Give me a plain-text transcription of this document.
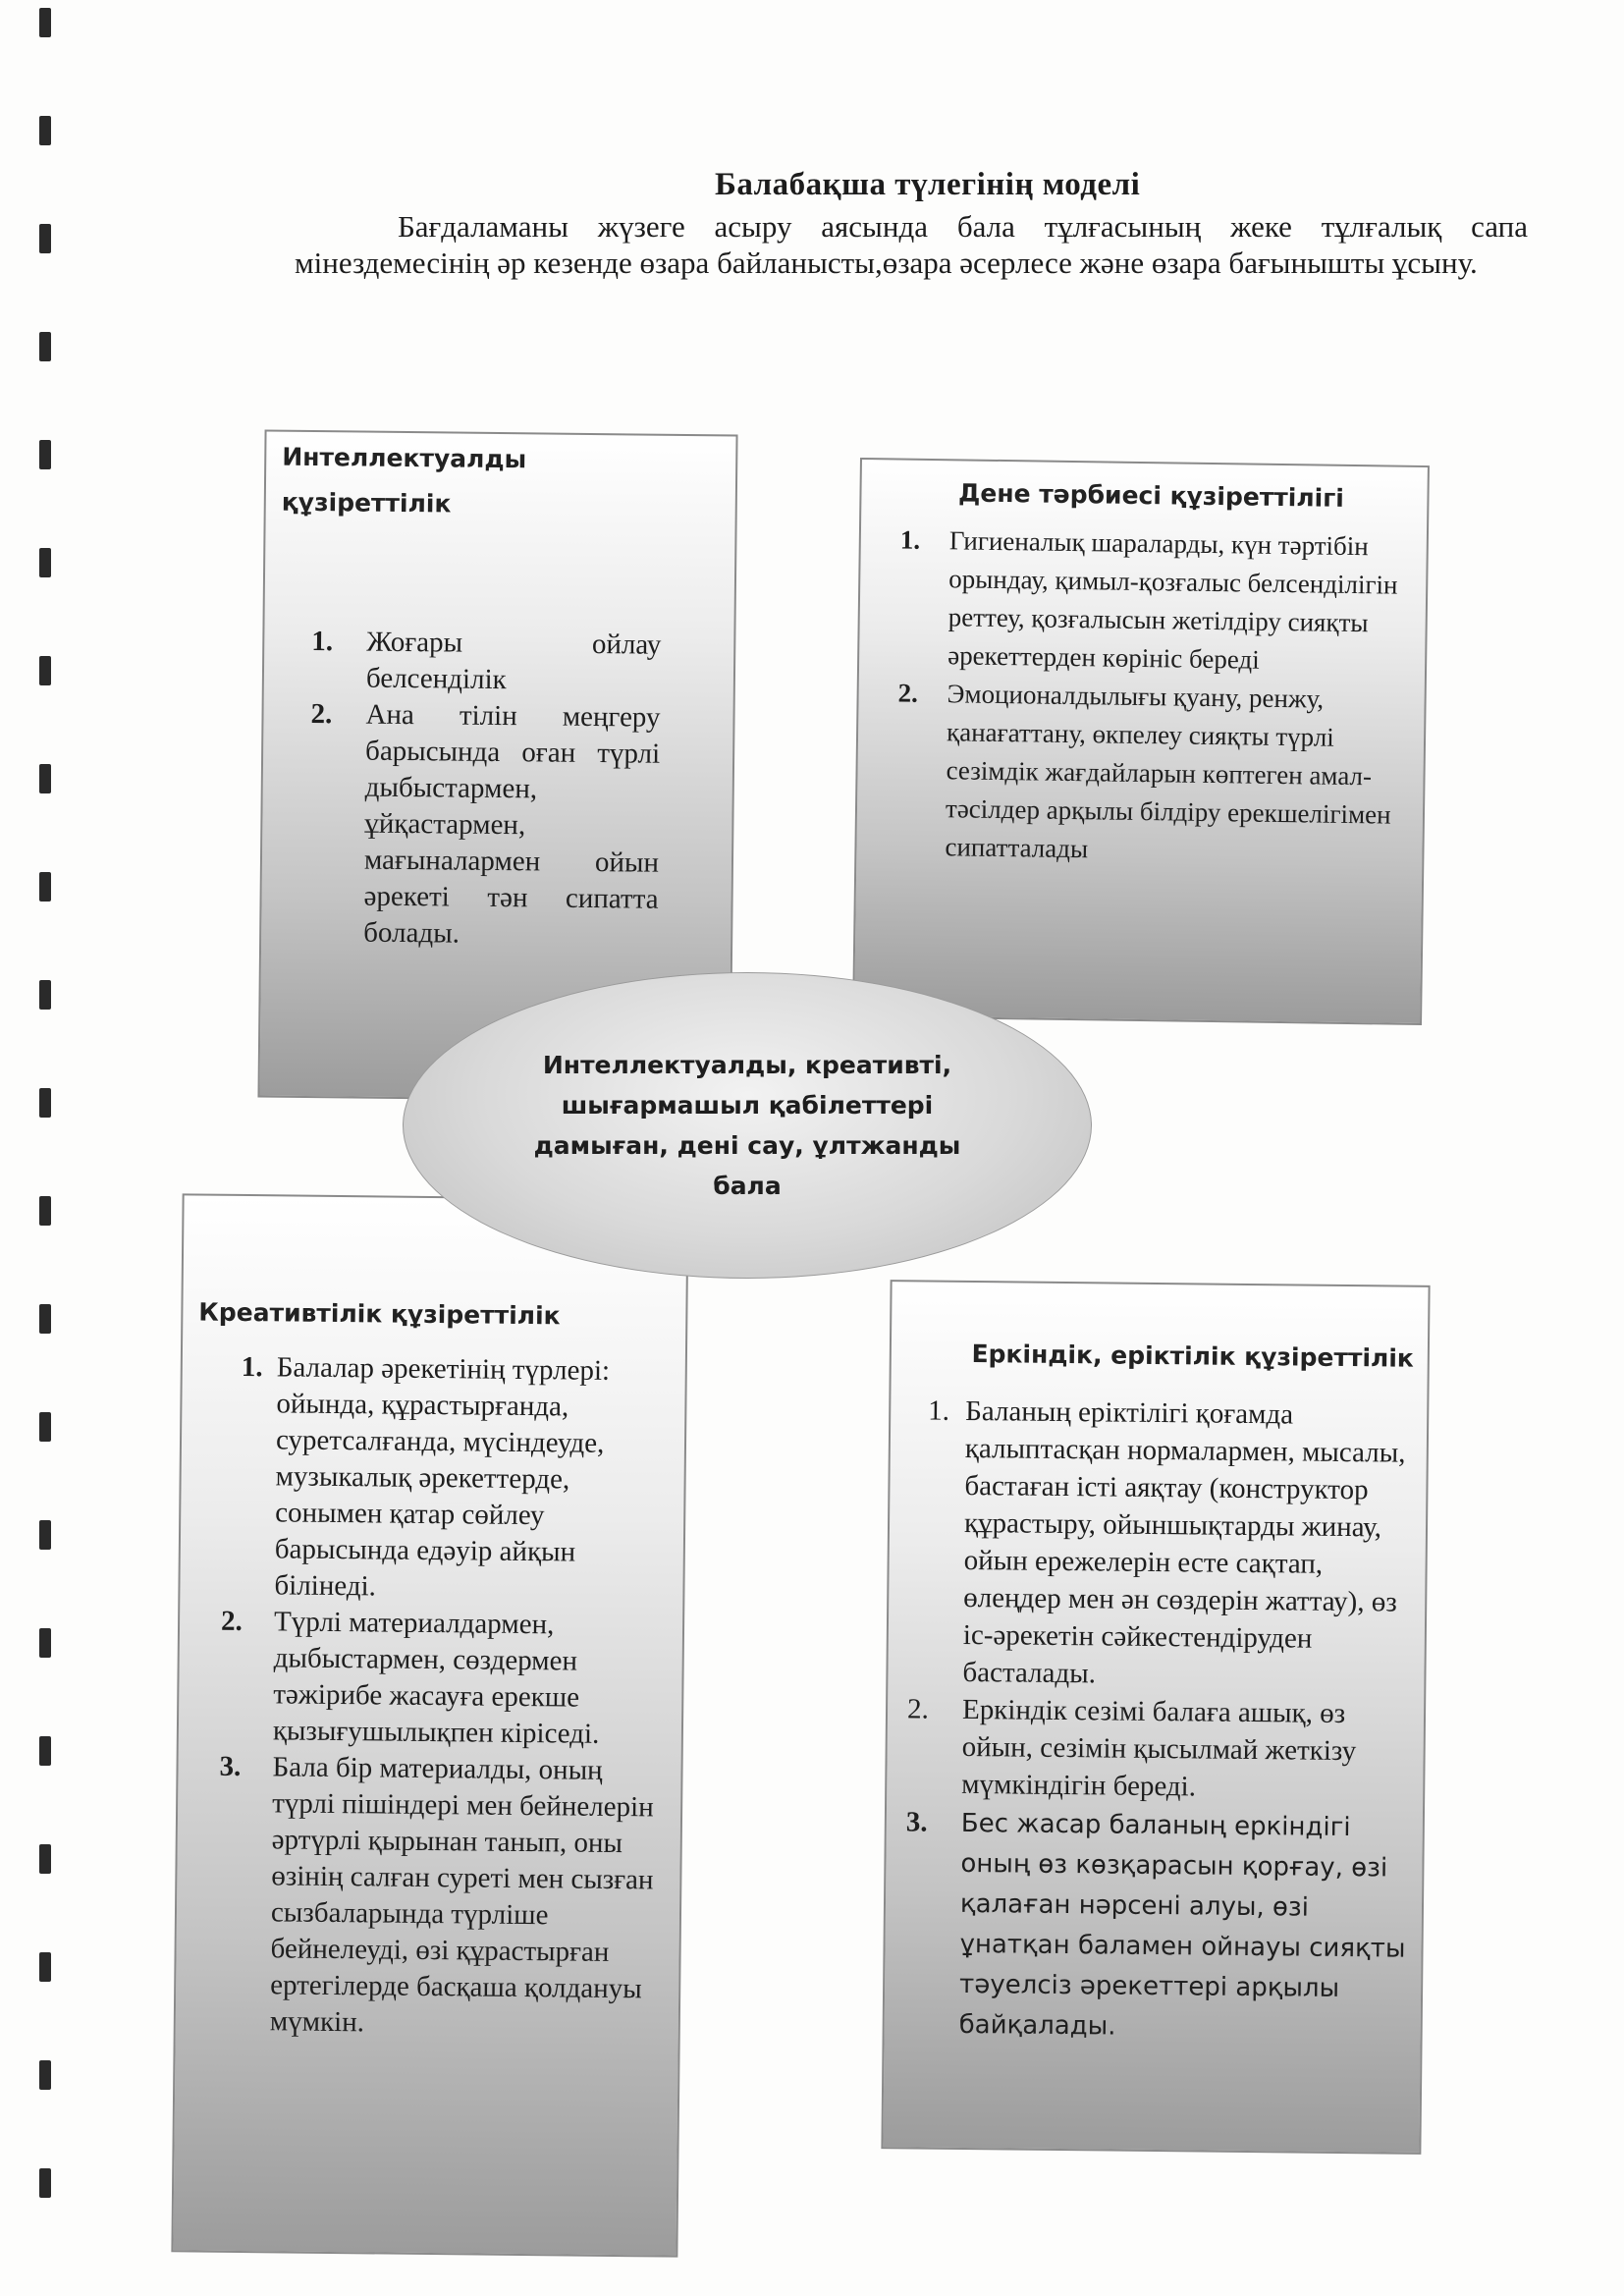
Балабақша түлегінің моделі

Бағдаламаны жүзеге асыру аясында бала тұлғасының жеке тұлғалық сапа мінездемесінің әр кезенде өзара байланысты,өзара әсерлесе және өзара бағынышты ұсыну.

Интеллектуалды құзіреттілік
1. Жоғары ойлау белсенділік
2. Ана тілін меңгеру барысында оған түрлі дыбыстармен, ұйқастармен, мағыналармен ойын әрекеті тән сипатта болады.
Дене тәрбиесі құзіреттілігі
1. Гигиеналық шараларды, күн тәртібін орындау, қимыл-қозғалыс белсенділігін реттеу, қозғалысын жетілдіру сияқты әрекеттерден көрініс береді
2. Эмоционалдылығы қуану, ренжу, қанағаттану, өкпелеу сияқты түрлі сезімдік жағдайларын көптеген амал-тәсілдер арқылы білдіру ерекшелігімен сипатталады
Креативтілік құзіреттілік
1. Балалар әрекетінің түрлері: ойында, құрастырғанда, суретсалғанда, мүсіндеуде, музыкалық әрекеттерде, сонымен қатар сөйлеу барысында едәуір айқын білінеді.
2. Түрлі материалдармен, дыбыстармен, сөздермен тәжірибе жасауға ерекше қызығушылықпен кіріседі.
3. Бала бір материалды, оның түрлі пішіндері мен бейнелерін әртүрлі қырынан танып, оны өзінің салған суреті мен сызған сызбаларында түрліше бейнелеуді, өзі құрастырған ертегілерде басқаша қолдануы мүмкін.
Еркіндік, еріктілік құзіреттілік
1. Баланың еріктілігі қоғамда қалыптасқан нормалармен, мысалы, бастаған істі аяқтау (конструктор құрастыру, ойыншықтарды жинау, ойын ережелерін есте сақтап, өлеңдер мен ән сөздерін жаттау), өз іс-әрекетін сәйкестендіруден басталады.
2. Еркіндік сезімі балаға ашық, өз ойын, сезімін қысылмай жеткізу мүмкіндігін береді.
3. Бес жасар баланың еркіндігі оның өз көзқарасын қорғау, өзі қалаған нәрсені алуы, өзі ұнатқан баламен ойнауы сияқты тәуелсіз әрекеттері арқылы байқалады.

Интеллектуалды, креативті, шығармашыл қабілеттері дамыған, дені сау, ұлтжанды бала
